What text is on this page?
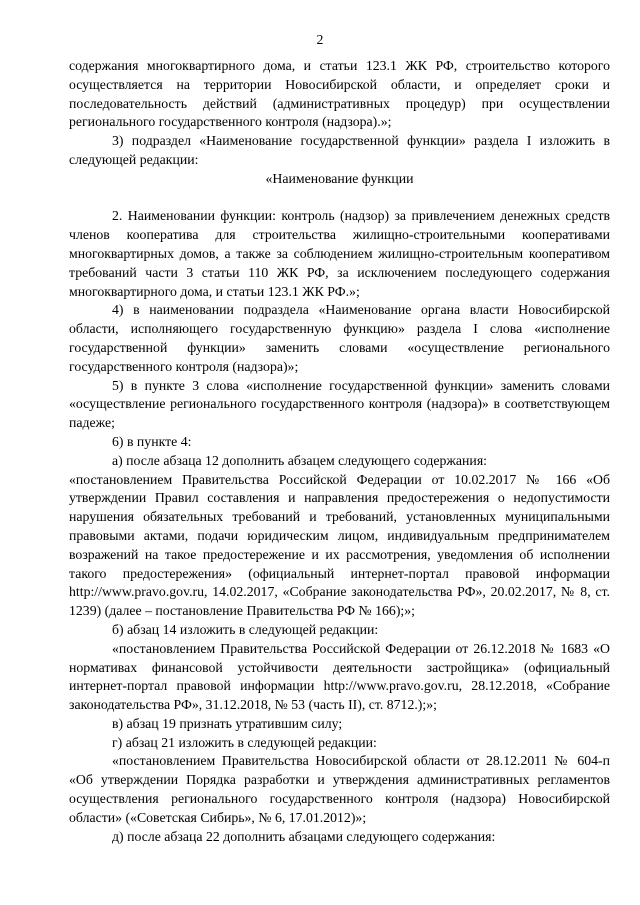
2

содержания многоквартирного дома, и статьи 123.1 ЖК РФ, строительство которого осуществляется на территории Новосибирской области, и определяет сроки и последовательность действий (административных процедур) при осуществлении регионального государственного контроля (надзора).»;

3) подраздел «Наименование государственной функции» раздела I изложить в следующей редакции:

«Наименование функции

2. Наименовании функции: контроль (надзор) за привлечением денежных средств членов кооператива для строительства жилищно-строительными кооперативами многоквартирных домов, а также за соблюдением жилищно-строительным кооперативом требований части 3 статьи 110 ЖК РФ, за исключением последующего содержания многоквартирного дома, и статьи 123.1 ЖК РФ.»;

4) в наименовании подраздела «Наименование органа власти Новосибирской области, исполняющего государственную функцию» раздела I слова «исполнение государственной функции» заменить словами «осуществление регионального государственного контроля (надзора)»;

5) в пункте 3 слова «исполнение государственной функции» заменить словами «осуществление регионального государственного контроля (надзора)» в соответствующем падеже;

6) в пункте 4:

а) после абзаца 12 дополнить абзацем следующего содержания:

«постановлением Правительства Российской Федерации от 10.02.2017 № 166 «Об утверждении Правил составления и направления предостережения о недопустимости нарушения обязательных требований и требований, установленных муниципальными правовыми актами, подачи юридическим лицом, индивидуальным предпринимателем возражений на такое предостережение и их рассмотрения, уведомления об исполнении такого предостережения» (официальный интернет-портал правовой информации http://www.pravo.gov.ru, 14.02.2017, «Собрание законодательства РФ», 20.02.2017, № 8, ст. 1239) (далее – постановление Правительства РФ № 166);»;

б) абзац 14 изложить в следующей редакции:

«постановлением Правительства Российской Федерации от 26.12.2018 № 1683 «О нормативах финансовой устойчивости деятельности застройщика» (официальный интернет-портал правовой информации http://www.pravo.gov.ru, 28.12.2018, «Собрание законодательства РФ», 31.12.2018, № 53 (часть II), ст. 8712.);»;

в) абзац 19 признать утратившим силу;

г) абзац 21 изложить в следующей редакции:

«постановлением Правительства Новосибирской области от 28.12.2011 № 604-п «Об утверждении Порядка разработки и утверждения административных регламентов осуществления регионального государственного контроля (надзора) Новосибирской области» («Советская Сибирь», № 6, 17.01.2012)»;

д) после абзаца 22 дополнить абзацами следующего содержания:
